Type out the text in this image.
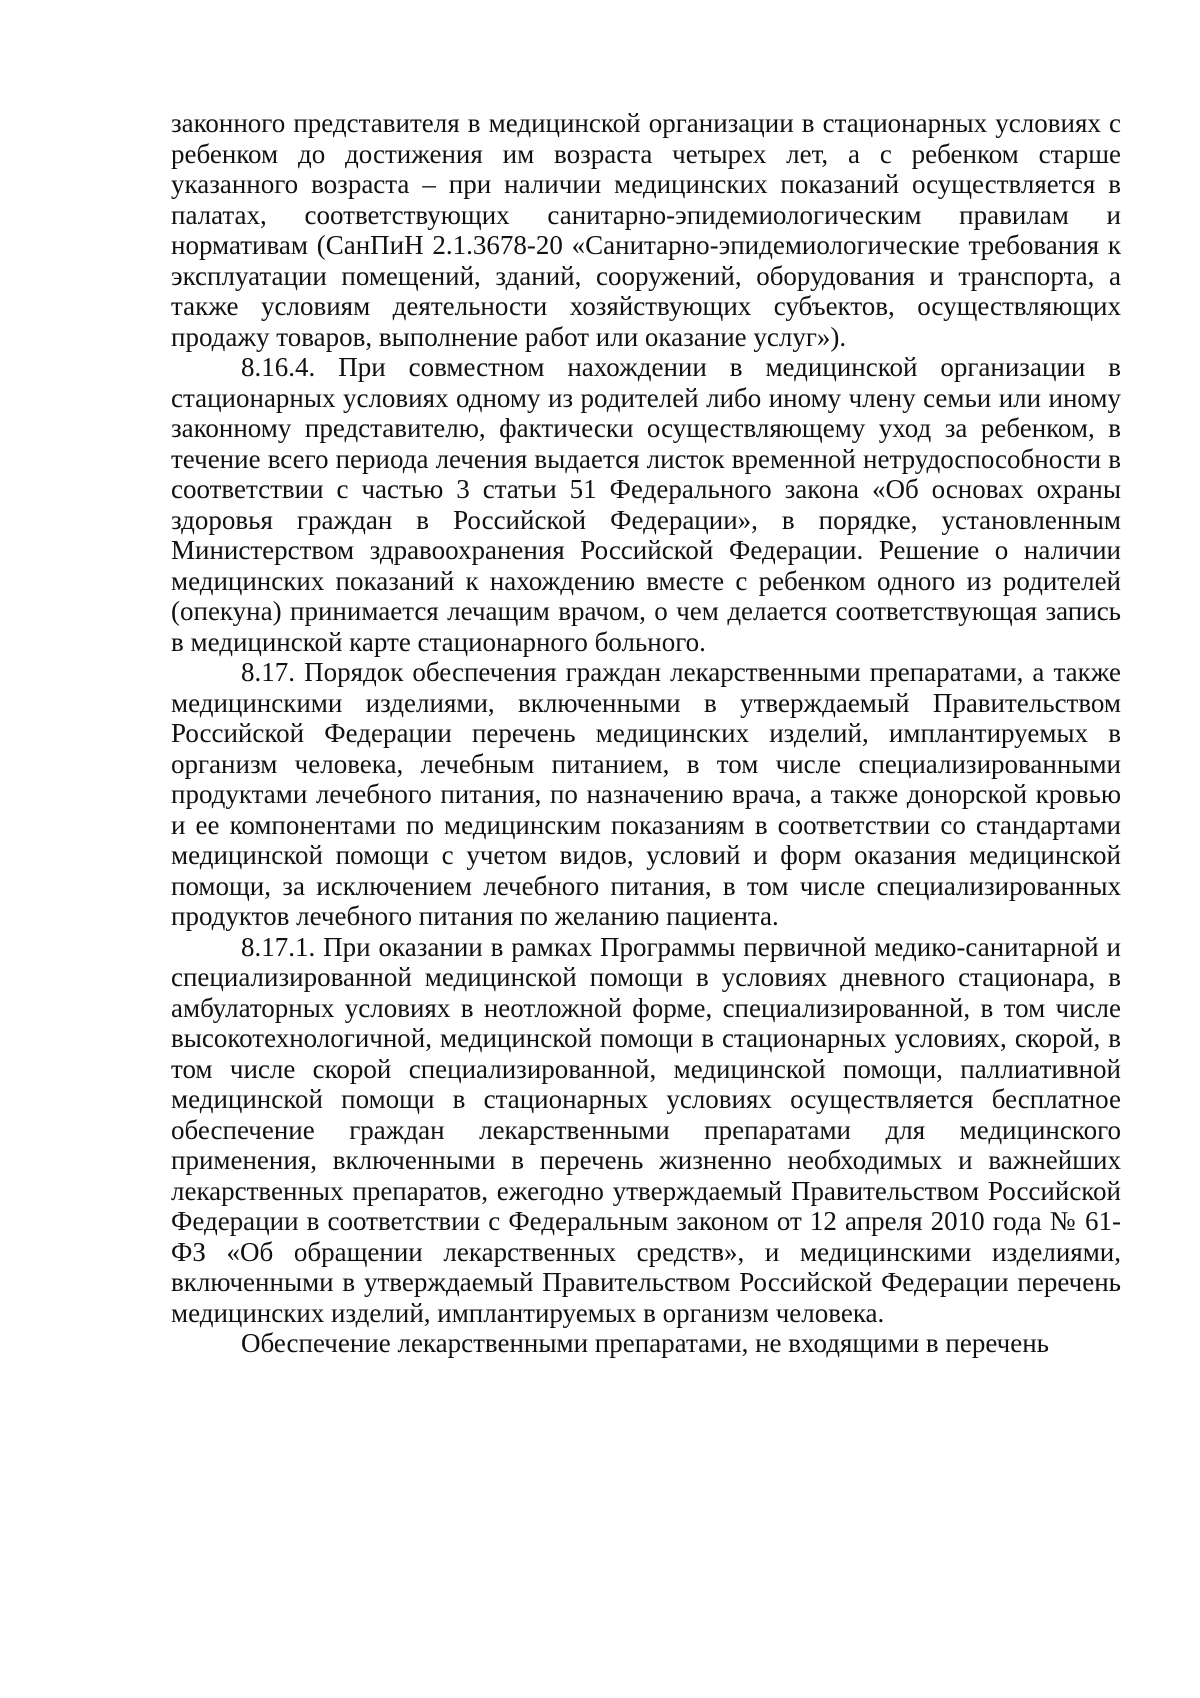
законного представителя в медицинской организации в стационарных условиях с ребенком до достижения им возраста четырех лет, а с ребенком старше указанного возраста – при наличии медицинских показаний осуществляется в палатах, соответствующих санитарно-эпидемиологическим правилам и нормативам (СанПиН 2.1.3678-20 «Санитарно-эпидемиологические требования к эксплуатации помещений, зданий, сооружений, оборудования и транспорта, а также условиям деятельности хозяйствующих субъектов, осуществляющих продажу товаров, выполнение работ или оказание услуг»).

8.16.4. При совместном нахождении в медицинской организации в стационарных условиях одному из родителей либо иному члену семьи или иному законному представителю, фактически осуществляющему уход за ребенком, в течение всего периода лечения выдается листок временной нетрудоспособности в соответствии с частью 3 статьи 51 Федерального закона «Об основах охраны здоровья граждан в Российской Федерации», в порядке, установленным Министерством здравоохранения Российской Федерации. Решение о наличии медицинских показаний к нахождению вместе с ребенком одного из родителей (опекуна) принимается лечащим врачом, о чем делается соответствующая запись в медицинской карте стационарного больного.

8.17. Порядок обеспечения граждан лекарственными препаратами, а также медицинскими изделиями, включенными в утверждаемый Правительством Российской Федерации перечень медицинских изделий, имплантируемых в организм человека, лечебным питанием, в том числе специализированными продуктами лечебного питания, по назначению врача, а также донорской кровью и ее компонентами по медицинским показаниям в соответствии со стандартами медицинской помощи с учетом видов, условий и форм оказания медицинской помощи, за исключением лечебного питания, в том числе специализированных продуктов лечебного питания по желанию пациента.

8.17.1. При оказании в рамках Программы первичной медико-санитарной и специализированной медицинской помощи в условиях дневного стационара, в амбулаторных условиях в неотложной форме, специализированной, в том числе высокотехнологичной, медицинской помощи в стационарных условиях, скорой, в том числе скорой специализированной, медицинской помощи, паллиативной медицинской помощи в стационарных условиях осуществляется бесплатное обеспечение граждан лекарственными препаратами для медицинского применения, включенными в перечень жизненно необходимых и важнейших лекарственных препаратов, ежегодно утверждаемый Правительством Российской Федерации в соответствии с Федеральным законом от 12 апреля 2010 года № 61-ФЗ «Об обращении лекарственных средств», и медицинскими изделиями, включенными в утверждаемый Правительством Российской Федерации перечень медицинских изделий, имплантируемых в организм человека.

Обеспечение лекарственными препаратами, не входящими в перечень
